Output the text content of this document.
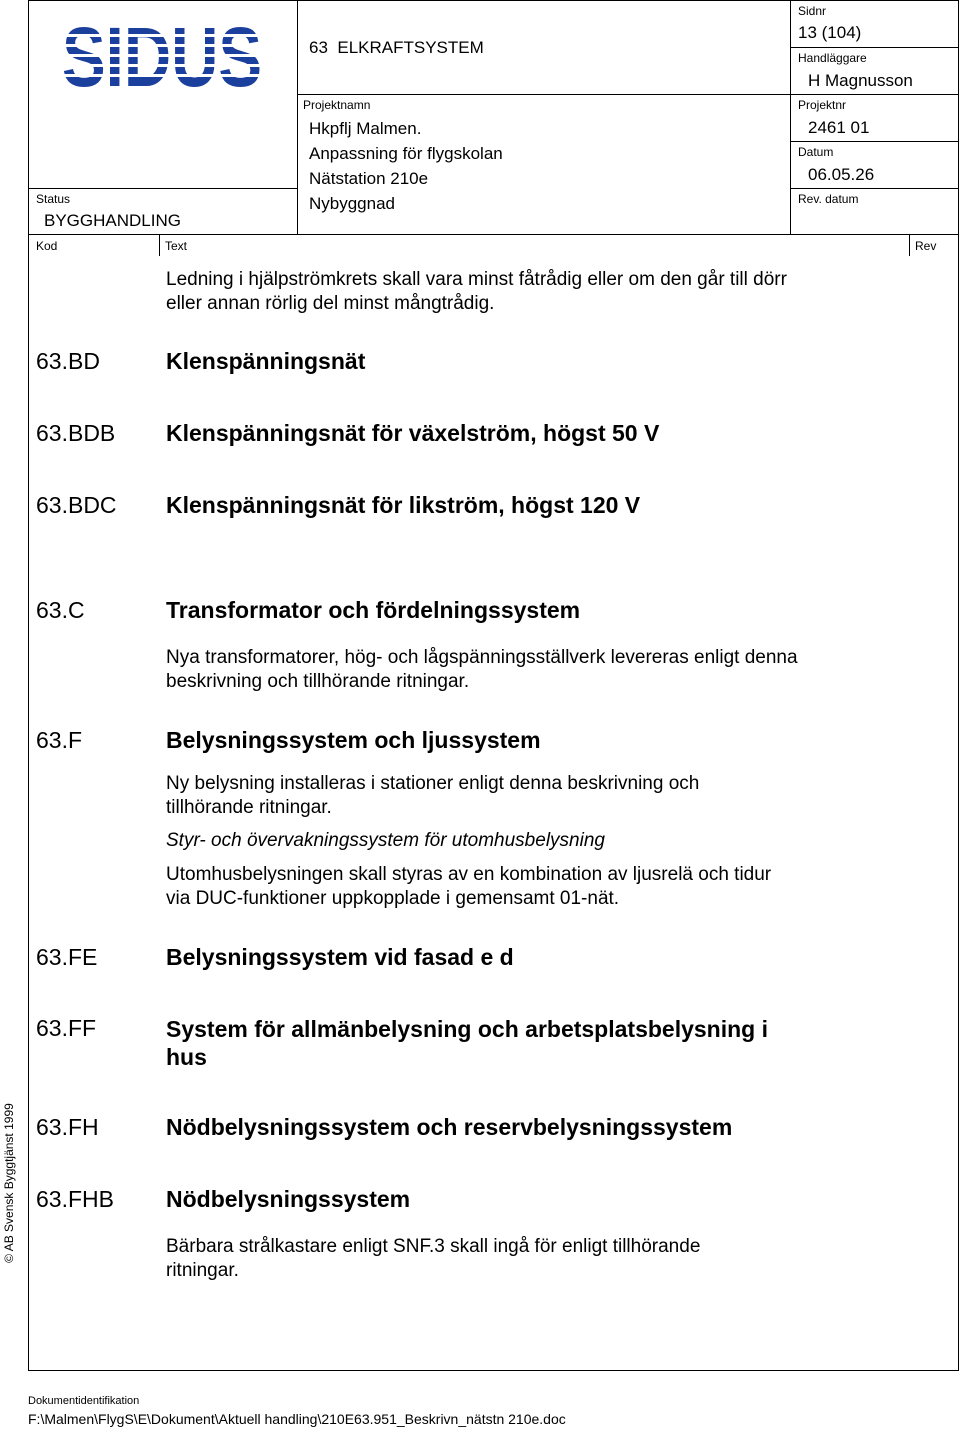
63  ELKRAFTSYSTEM
Sidnr
13 (104)
Handläggare
H Magnusson
Projektnamn
Hkpflj Malmen.
Anpassning för flygskolan
Nätstation 210e
Nybyggnad
Projektnr
2461 01
Datum
06.05.26
Rev. datum
Status
BYGGHANDLING
Kod	Text	Rev
Ledning i hjälpströmkrets skall vara minst fåtrådig eller om den går till dörr eller annan rörlig del minst mångtrådig.
63.BD	Klenspänningsnät
63.BDB Klenspänningsnät för växelström, högst 50 V
63.BDC Klenspänningsnät för likström, högst 120 V
63.C	Transformator och fördelningssystem
Nya transformatorer, hög- och lågspänningsställverk levereras enligt denna beskrivning och tillhörande ritningar.
63.F	Belysningssystem och ljussystem
Ny belysning installeras i stationer enligt denna beskrivning och tillhörande ritningar.
Styr- och övervakningssystem för utomhusbelysning
Utomhusbelysningen skall styras av en kombination av ljusrelä och tidur via DUC-funktioner uppkopplade i gemensamt 01-nät.
63.FE	Belysningssystem vid fasad e d
63.FF	System för allmänbelysning och arbetsplatsbelysning i hus
63.FH	Nödbelysningssystem och reservbelysningssystem
63.FHB Nödbelysningssystem
Bärbara strålkastare enligt SNF.3 skall ingå för enligt tillhörande ritningar.
© AB Svensk Byggtjänst 1999
Dokumentidentifikation
F:\Malmen\FlygS\E\Dokument\Aktuell handling\210E63.951_Beskrivn_nätstn 210e.doc
